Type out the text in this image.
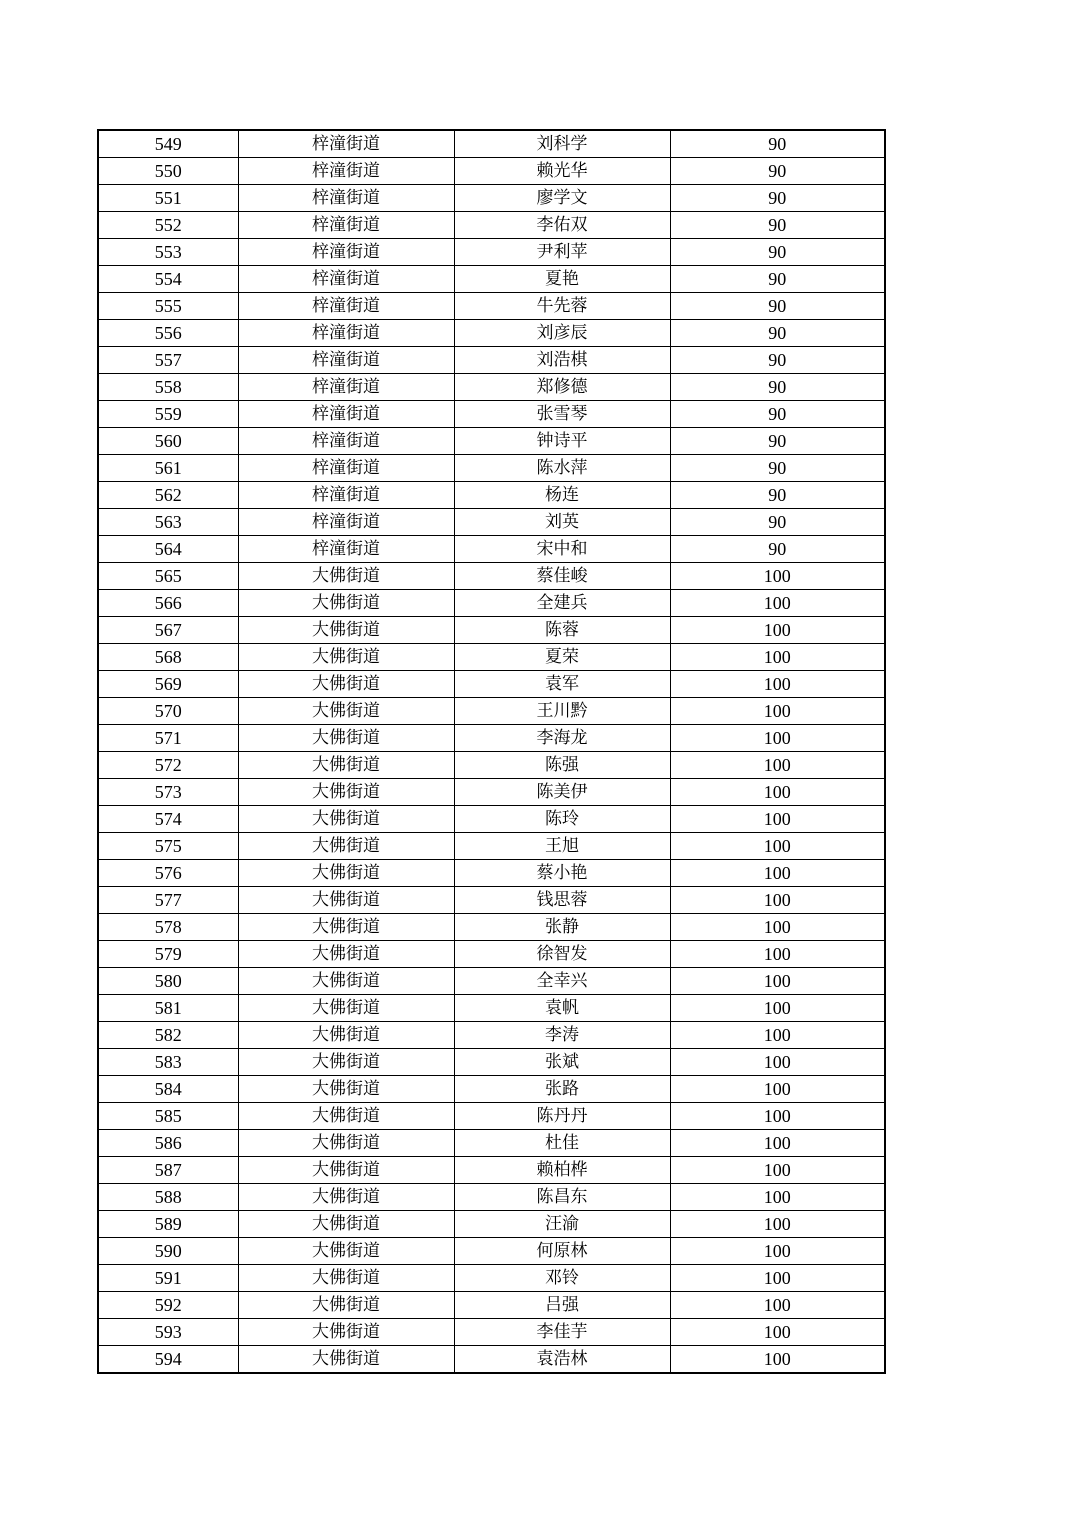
549	梓潼街道	刘科学	90
550	梓潼街道	赖光华	90
551	梓潼街道	廖学文	90
552	梓潼街道	李佑双	90
553	梓潼街道	尹利苹	90
554	梓潼街道	夏艳	90
555	梓潼街道	牛先蓉	90
556	梓潼街道	刘彦辰	90
557	梓潼街道	刘浩棋	90
558	梓潼街道	郑修德	90
559	梓潼街道	张雪琴	90
560	梓潼街道	钟诗平	90
561	梓潼街道	陈水萍	90
562	梓潼街道	杨连	90
563	梓潼街道	刘英	90
564	梓潼街道	宋中和	90
565	大佛街道	蔡佳峻	100
566	大佛街道	全建兵	100
567	大佛街道	陈蓉	100
568	大佛街道	夏荣	100
569	大佛街道	袁军	100
570	大佛街道	王川黔	100
571	大佛街道	李海龙	100
572	大佛街道	陈强	100
573	大佛街道	陈美伊	100
574	大佛街道	陈玲	100
575	大佛街道	王旭	100
576	大佛街道	蔡小艳	100
577	大佛街道	钱思蓉	100
578	大佛街道	张静	100
579	大佛街道	徐智发	100
580	大佛街道	全幸兴	100
581	大佛街道	袁帆	100
582	大佛街道	李涛	100
583	大佛街道	张斌	100
584	大佛街道	张路	100
585	大佛街道	陈丹丹	100
586	大佛街道	杜佳	100
587	大佛街道	赖柏桦	100
588	大佛街道	陈昌东	100
589	大佛街道	汪渝	100
590	大佛街道	何原林	100
591	大佛街道	邓铃	100
592	大佛街道	吕强	100
593	大佛街道	李佳芋	100
594	大佛街道	袁浩林	100
